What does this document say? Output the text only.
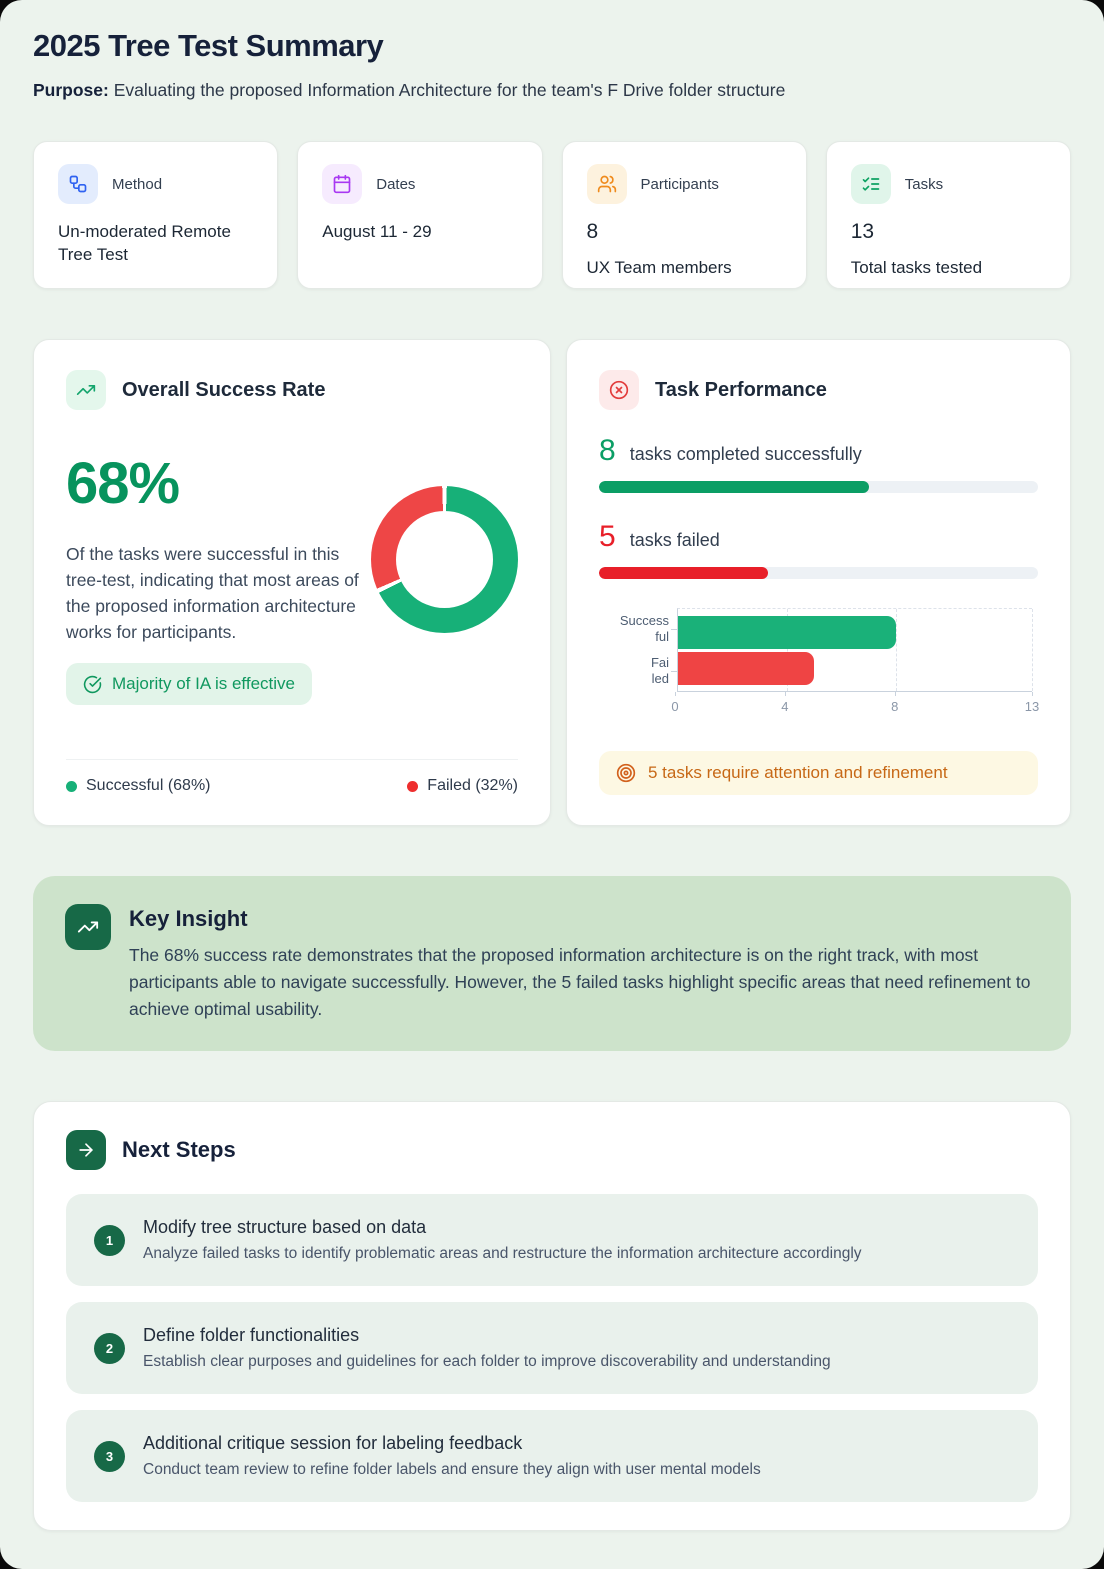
2025 Tree Test Summary

Purpose: Evaluating the proposed Information Architecture for the team's F Drive folder structure

Method
Un-moderated Remote Tree Test
Dates
August 11 - 29
Participants
8
UX Team members
Tasks
13
Total tasks tested
Overall Success Rate
68%

Of the tasks were successful in this tree-test, indicating that most areas of the proposed information architecture works for participants.

Majority of IA is effective
Successful (68%)	Failed (32%)
Task Performance
8 tasks completed successfully
5 tasks failed
Success
ful
Fai
led
0	4	8	13
5 tasks require attention and refinement
Key Insight
The 68% success rate demonstrates that the proposed information architecture is on the right track, with most participants able to navigate successfully. However, the 5 failed tasks highlight specific areas that need refinement to achieve optimal usability.
Next Steps
1
Modify tree structure based on data
Analyze failed tasks to identify problematic areas and restructure the information architecture accordingly
2
Define folder functionalities
Establish clear purposes and guidelines for each folder to improve discoverability and understanding
3
Additional critique session for labeling feedback
Conduct team review to refine folder labels and ensure they align with user mental models
